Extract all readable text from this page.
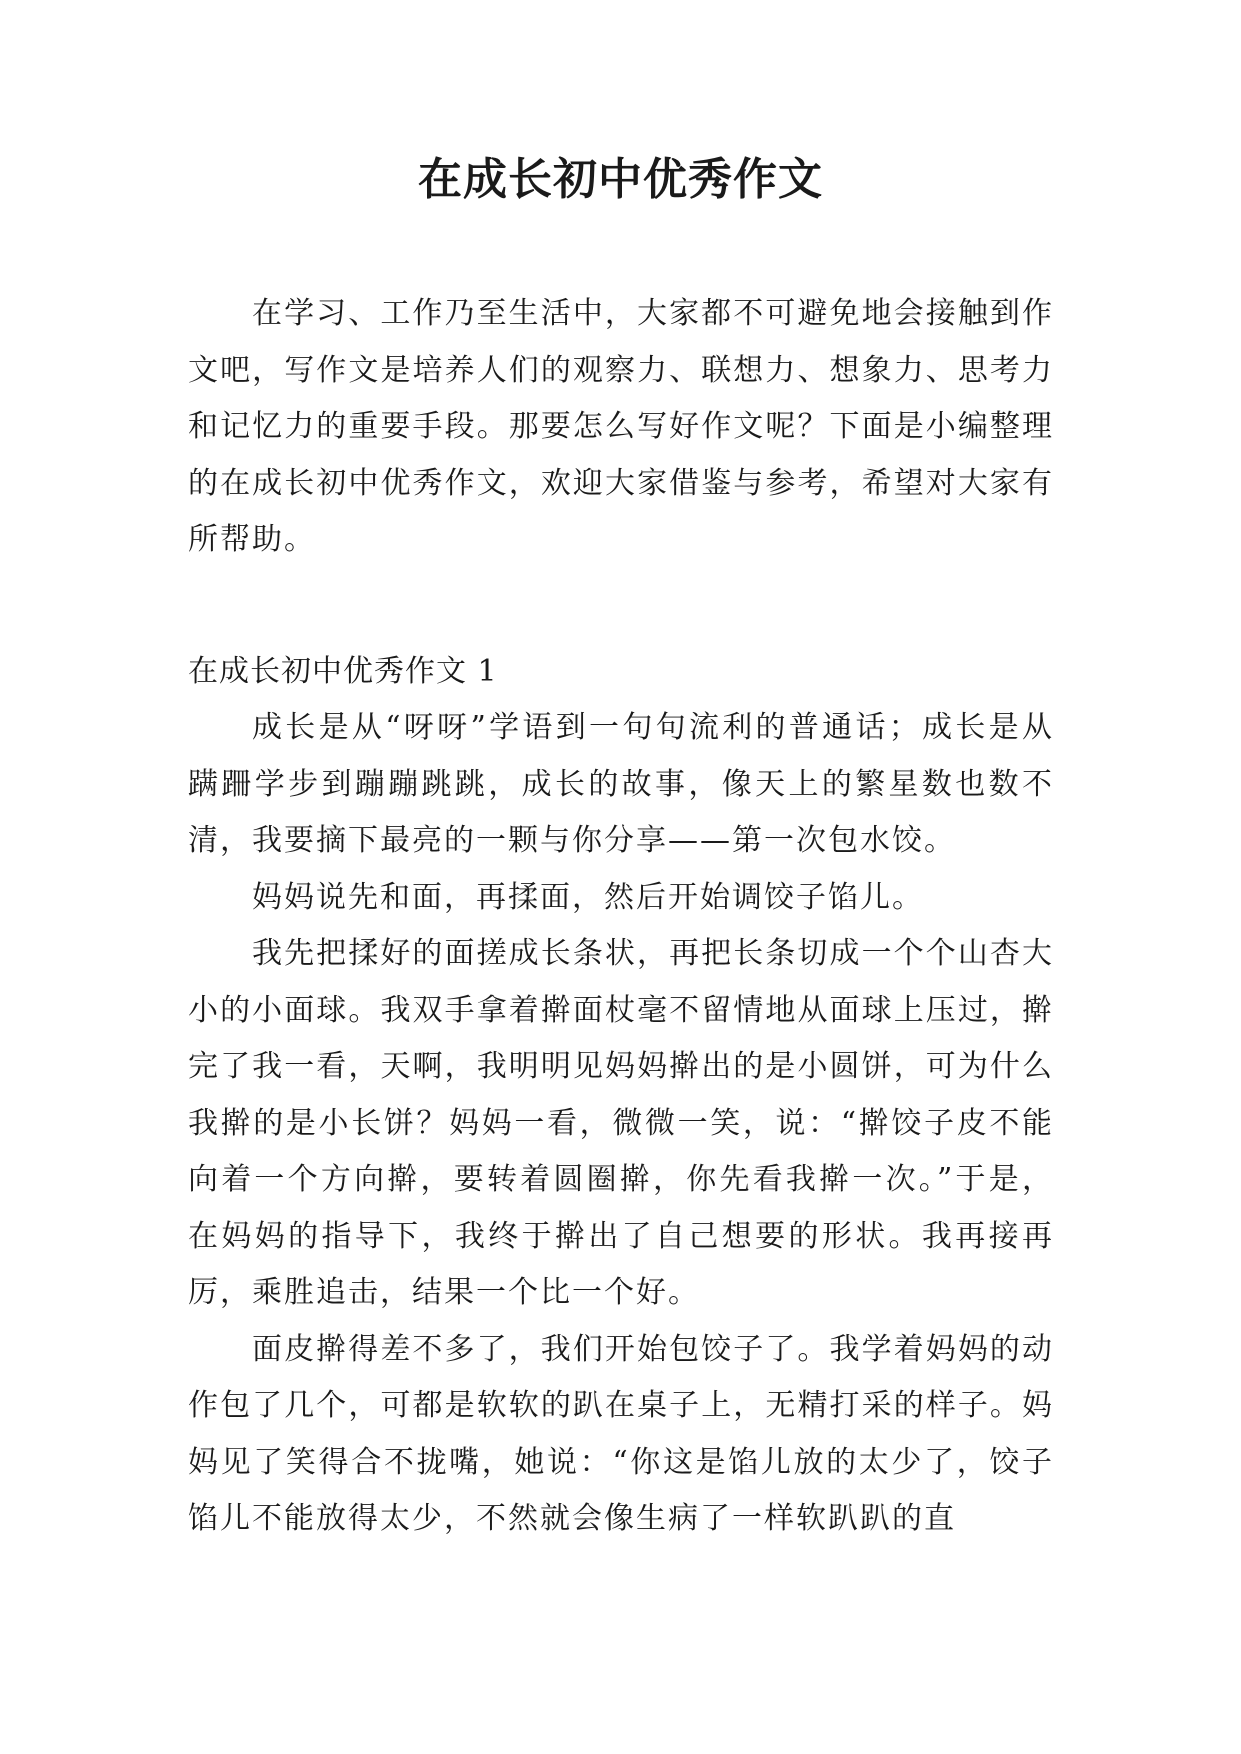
在成长初中优秀作文

在学习、工作乃至生活中，大家都不可避免地会接触到作文吧，写作文是培养人们的观察力、联想力、想象力、思考力和记忆力的重要手段。那要怎么写好作文呢？下面是小编整理的在成长初中优秀作文，欢迎大家借鉴与参考，希望对大家有所帮助。

在成长初中优秀作文 1

成长是从“呀呀”学语到一句句流利的普通话；成长是从蹒跚学步到蹦蹦跳跳，成长的故事，像天上的繁星数也数不清，我要摘下最亮的一颗与你分享——第一次包水饺。

妈妈说先和面，再揉面，然后开始调饺子馅儿。

我先把揉好的面搓成长条状，再把长条切成一个个山杏大小的小面球。我双手拿着擀面杖毫不留情地从面球上压过，擀完了我一看，天啊，我明明见妈妈擀出的是小圆饼，可为什么我擀的是小长饼？妈妈一看，微微一笑，说：“擀饺子皮不能向着一个方向擀，要转着圆圈擀，你先看我擀一次。”于是，在妈妈的指导下，我终于擀出了自己想要的形状。我再接再厉，乘胜追击，结果一个比一个好。

面皮擀得差不多了，我们开始包饺子了。我学着妈妈的动作包了几个，可都是软软的趴在桌子上，无精打采的样子。妈妈见了笑得合不拢嘴，她说：“你这是馅儿放的太少了，饺子馅儿不能放得太少，不然就会像生病了一样软趴趴的直
